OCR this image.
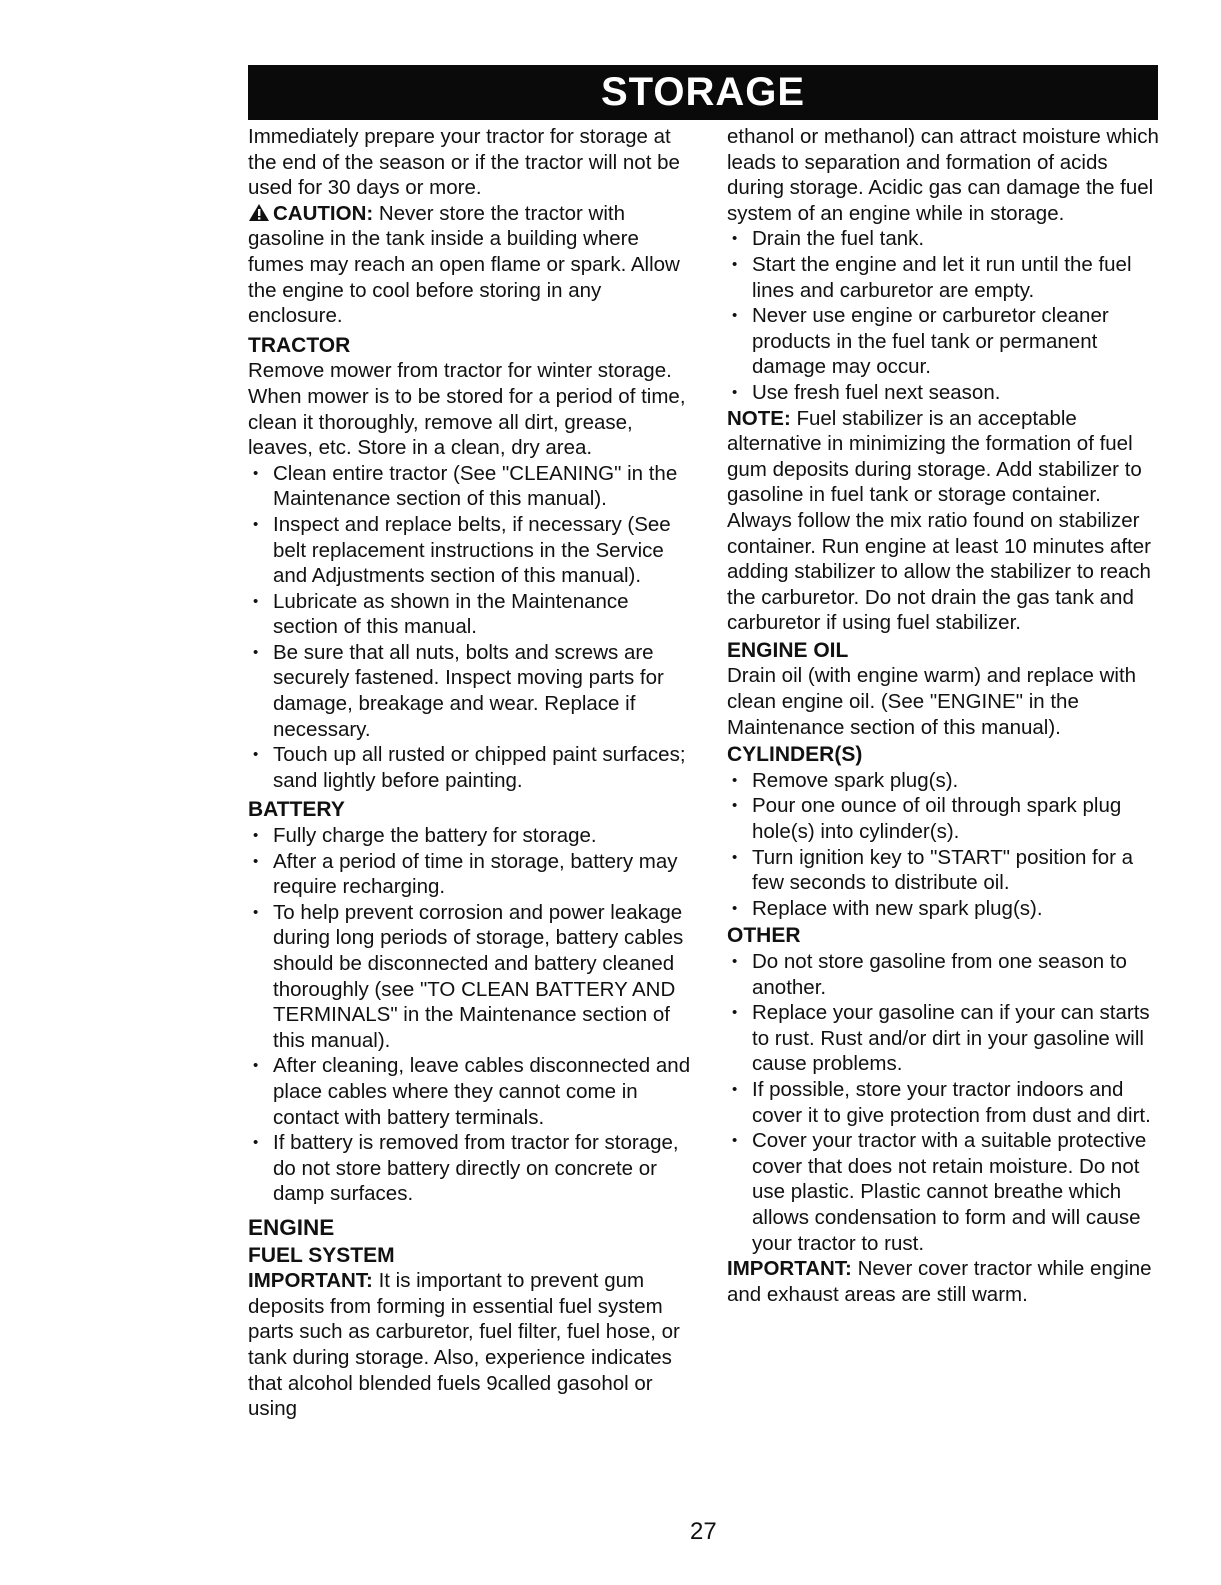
STORAGE

Immediately prepare your tractor for storage at the end of the season or if the tractor will not be used for 30 days or more.

CAUTION: Never store the tractor with gasoline in the tank inside a building where fumes may reach an open flame or spark. Allow the engine to cool before storing in any enclosure.

TRACTOR

Remove mower from tractor for winter storage. When mower is to be stored for a period of time, clean it thoroughly, remove all dirt, grease, leaves, etc. Store in a clean, dry area.

• Clean entire tractor (See "CLEANING" in the Maintenance section of this manual).
• Inspect and replace belts, if necessary (See belt replacement instructions in the Service and Adjustments section of this manual).
• Lubricate as shown in the Maintenance section of this manual.
• Be sure that all nuts, bolts and screws are securely fastened. Inspect moving parts for damage, breakage and wear. Replace if necessary.
• Touch up all rusted or chipped paint surfaces; sand lightly before painting.
BATTERY
• Fully charge the battery for storage.
• After a period of time in storage, battery may require recharging.
• To help prevent corrosion and power leakage during long periods of storage, battery cables should be disconnected and battery cleaned thoroughly (see "TO CLEAN BATTERY AND TERMINALS" in the Maintenance section of this manual).
• After cleaning, leave cables disconnected and place cables where they cannot come in contact with battery terminals.
• If battery is removed from tractor for storage, do not store battery directly on concrete or damp surfaces.
ENGINE
FUEL SYSTEM

IMPORTANT: It is important to prevent gum deposits from forming in essential fuel system parts such as carburetor, fuel filter, fuel hose, or tank during storage. Also, experience indicates that alcohol blended fuels 9called gasohol or using

ethanol or methanol) can attract moisture which leads to separation and formation of acids during storage. Acidic gas can damage the fuel system of an engine while in storage.

• Drain the fuel tank.
• Start the engine and let it run until the fuel lines and carburetor are empty.
• Never use engine or carburetor cleaner products in the fuel tank or permanent damage may occur.
• Use fresh fuel next season.

NOTE: Fuel stabilizer is an acceptable alternative in minimizing the formation of fuel gum deposits during storage. Add stabilizer to gasoline in fuel tank or storage container. Always follow the mix ratio found on stabilizer container. Run engine at least 10 minutes after adding stabilizer to allow the stabilizer to reach the carburetor. Do not drain the gas tank and carburetor if using fuel stabilizer.

ENGINE OIL

Drain oil (with engine warm) and replace with clean engine oil. (See "ENGINE" in the Maintenance section of this manual).

CYLINDER(S)
• Remove spark plug(s).
• Pour one ounce of oil through spark plug hole(s) into cylinder(s).
• Turn ignition key to "START" position for a few seconds to distribute oil.
• Replace with new spark plug(s).
OTHER
• Do not store gasoline from one season to another.
• Replace your gasoline can if your can starts to rust. Rust and/or dirt in your gasoline will cause problems.
• If possible, store your tractor indoors and cover it to give protection from dust and dirt.
• Cover your tractor with a suitable protective cover that does not retain moisture. Do not use plastic. Plastic cannot breathe which allows condensation to form and will cause your tractor to rust.

IMPORTANT: Never cover tractor while engine and exhaust areas are still warm.

27
